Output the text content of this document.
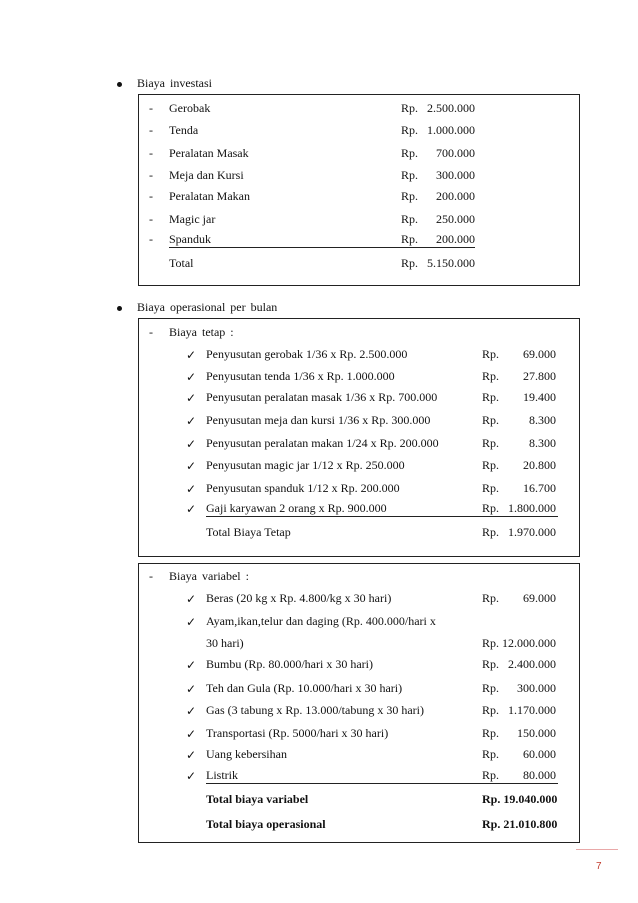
Biaya investasi
- Gerobak	Rp. 2.500.000
- Tenda	Rp. 1.000.000
- Peralatan Masak	Rp.	700.000
- Meja dan Kursi	Rp.	300.000
- Peralatan Makan	Rp.	200.000
- Magic jar	Rp.	250.000
- Spanduk	Rp.	200.000
Total	Rp. 5.150.000
Biaya operasional per bulan
- Biaya tetap :
✓ Penyusutan gerobak 1/36 x Rp. 2.500.000	Rp.	69.000
✓ Penyusutan tenda 1/36 x Rp. 1.000.000	Rp.	27.800
✓ Penyusutan peralatan masak 1/36 x Rp. 700.000	Rp.	19.400
✓ Penyusutan meja dan kursi 1/36 x Rp. 300.000	Rp.	8.300
✓ Penyusutan peralatan makan 1/24 x Rp. 200.000	Rp.	8.300
✓ Penyusutan magic jar 1/12 x Rp. 250.000	Rp.	20.800
✓ Penyusutan spanduk 1/12 x Rp. 200.000	Rp.	16.700
✓ Gaji karyawan 2 orang x Rp. 900.000	Rp. 1.800.000
Total Biaya Tetap	Rp. 1.970.000
- Biaya variabel :
✓ Beras (20 kg x Rp. 4.800/kg x 30 hari)	Rp.	69.000
✓ Ayam,ikan,telur dan daging (Rp. 400.000/hari x
30 hari)	Rp. 12.000.000
✓ Bumbu (Rp. 80.000/hari x 30 hari)	Rp. 2.400.000
✓ Teh dan Gula (Rp. 10.000/hari x 30 hari)	Rp.	300.000
✓ Gas (3 tabung x Rp. 13.000/tabung x 30 hari)	Rp. 1.170.000
✓ Transportasi (Rp. 5000/hari x 30 hari)	Rp.	150.000
✓ Uang kebersihan	Rp.	60.000
✓ Listrik	Rp.	80.000
Total biaya variabel	Rp. 19.040.000
Total biaya operasional	Rp. 21.010.800
7
